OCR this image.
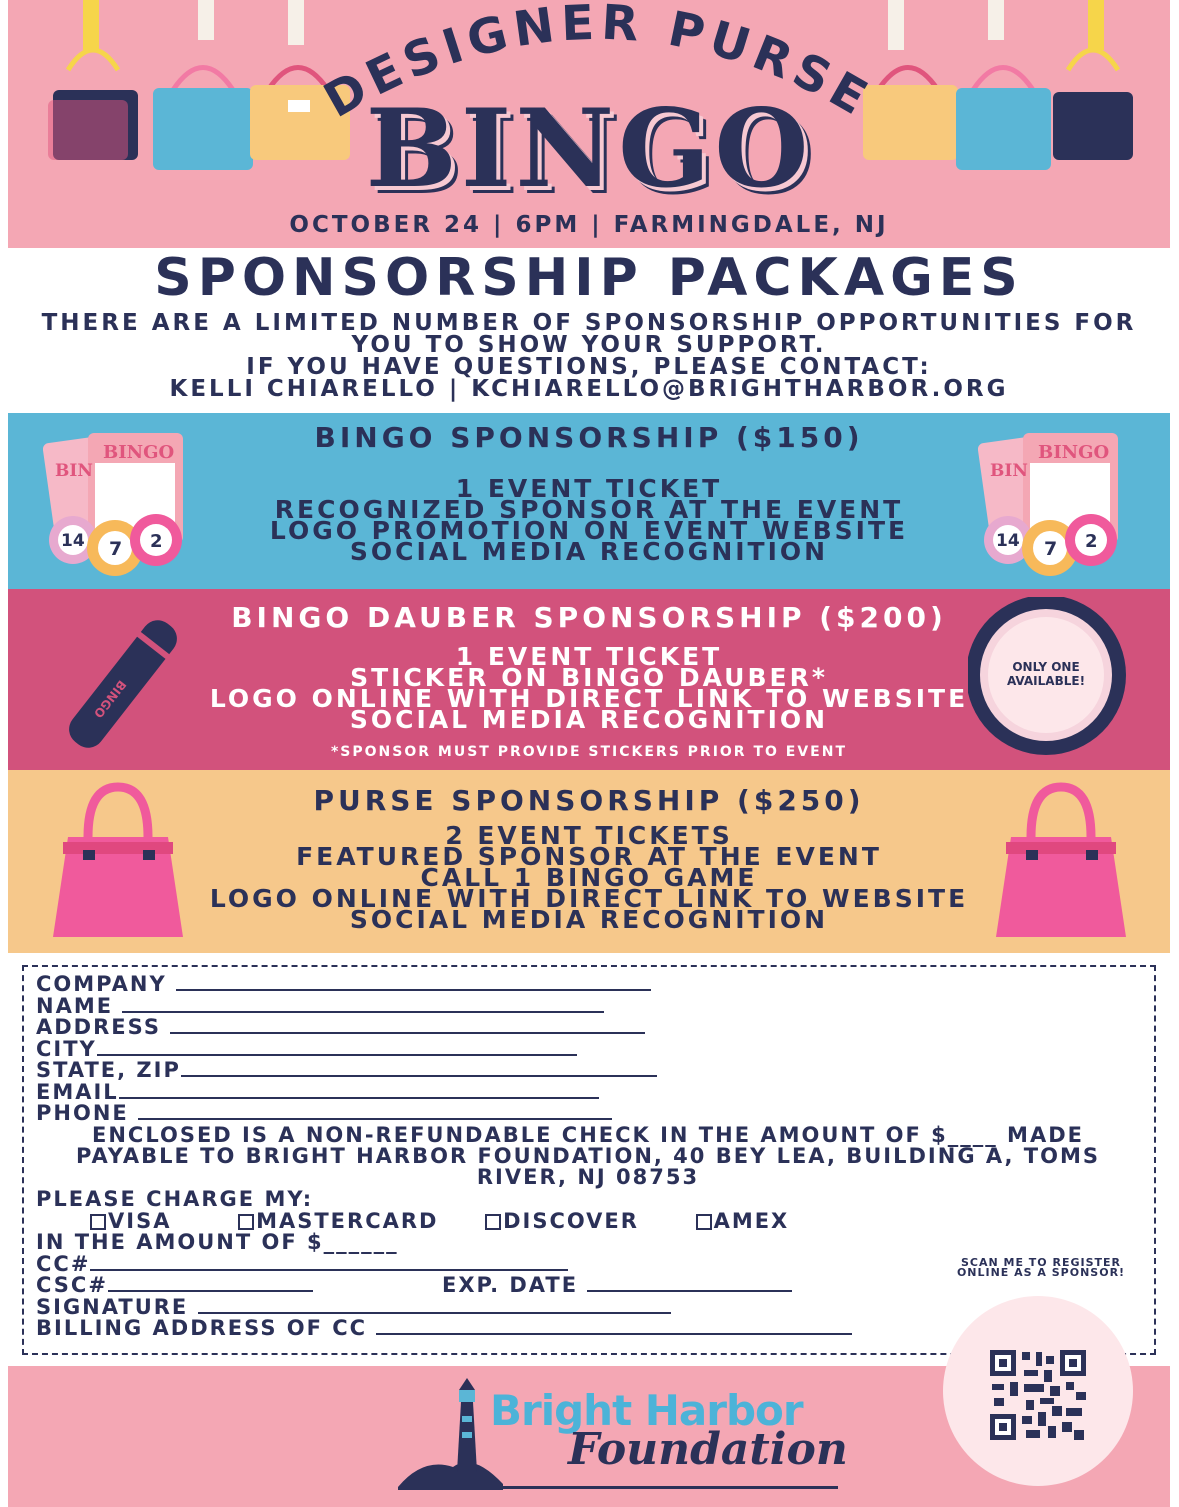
DESIGNER PURSE
BINGO
OCTOBER 24 | 6PM | FARMINGDALE, NJ
SPONSORSHIP PACKAGES
THERE ARE A LIMITED NUMBER OF SPONSORSHIP OPPORTUNITIES FOR
YOU TO SHOW YOUR SUPPORT.
IF YOU HAVE QUESTIONS, PLEASE CONTACT:
KELLI CHIARELLO | KCHIARELLO@BRIGHTHARBOR.ORG
BIN
BINGO
14 7 2
BIN
BINGO
14 7 2
BINGO SPONSORSHIP ($150)
1 EVENT TICKET
RECOGNIZED SPONSOR AT THE EVENT
LOGO PROMOTION ON EVENT WEBSITE
SOCIAL MEDIA RECOGNITION
BINGO
ONLY ONE
AVAILABLE!
BINGO DAUBER SPONSORSHIP ($200)
1 EVENT TICKET
STICKER ON BINGO DAUBER*
LOGO ONLINE WITH DIRECT LINK TO WEBSITE
SOCIAL MEDIA RECOGNITION
*SPONSOR MUST PROVIDE STICKERS PRIOR TO EVENT
PURSE SPONSORSHIP ($250)
2 EVENT TICKETS
FEATURED SPONSOR AT THE EVENT
CALL 1 BINGO GAME
LOGO ONLINE WITH DIRECT LINK TO WEBSITE
SOCIAL MEDIA RECOGNITION
COMPANY
NAME
ADDRESS
CITY
STATE, ZIP
EMAIL
PHONE
ENCLOSED IS A NON-REFUNDABLE CHECK IN THE AMOUNT OF $____ MADE PAYABLE TO BRIGHT HARBOR FOUNDATION, 40 BEY LEA, BUILDING A, TOMS RIVER, NJ 08753
PLEASE CHARGE MY:
VISA	MASTERCARD	DISCOVER	AMEX
IN THE AMOUNT OF $______
CC#
CSC#	EXP. DATE
SIGNATURE
BILLING ADDRESS OF CC
SCAN ME TO REGISTER
ONLINE AS A SPONSOR!
Bright Harbor
Foundation
